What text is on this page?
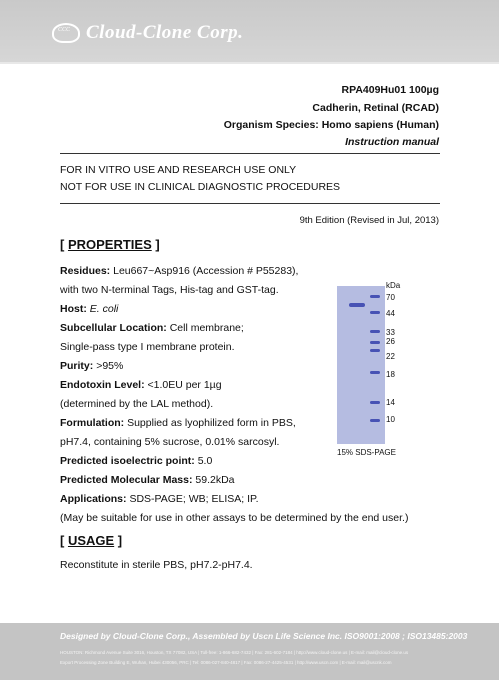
CCC Cloud-Clone Corp.
RPA409Hu01 100µg
Cadherin, Retinal (RCAD)
Organism Species: Homo sapiens (Human)
Instruction manual
FOR IN VITRO USE AND RESEARCH USE ONLY
NOT FOR USE IN CLINICAL DIAGNOSTIC PROCEDURES
9th Edition (Revised in Jul, 2013)
[ PROPERTIES ]
Residues: Leu667~Asp916 (Accession # P55283),
with two N-terminal Tags, His-tag and GST-tag.
Host: E. coli
Subcellular Location: Cell membrane;
Single-pass type I membrane protein.
Purity: >95%
Endotoxin Level: <1.0EU per 1µg
(determined by the LAL method).
Formulation: Supplied as lyophilized form in PBS,
pH7.4, containing 5% sucrose, 0.01% sarcosyl.
Predicted isoelectric point: 5.0
Predicted Molecular Mass: 59.2kDa
Applications: SDS-PAGE; WB; ELISA; IP.
(May be suitable for use in other assays to be determined by the end user.)
kDa
70
44
33
26
22
18
14
10
15% SDS-PAGE
[ USAGE ]
Reconstitute in sterile PBS, pH7.2-pH7.4.
Designed by Cloud-Clone Corp., Assembled by Uscn Life Science Inc. ISO9001:2008 ; ISO13485:2003
HOUSTON: Richmond Avenue Suite 3016, Houston, TX 77082, USA | Toll-free: 1-866-682-7432 | Fax: 281-602-7184 | http://www.cloud-clone.us | E-mail: mail@cloud-clone.us
Export Processing Zone Building E, Wuhan, Hubei 430056, PRC | Tel: 0086-027-840-4817 | Fax: 0086-27-4425-4531 | http://www.uscn.com | E-mail: mail@uscnk.com
